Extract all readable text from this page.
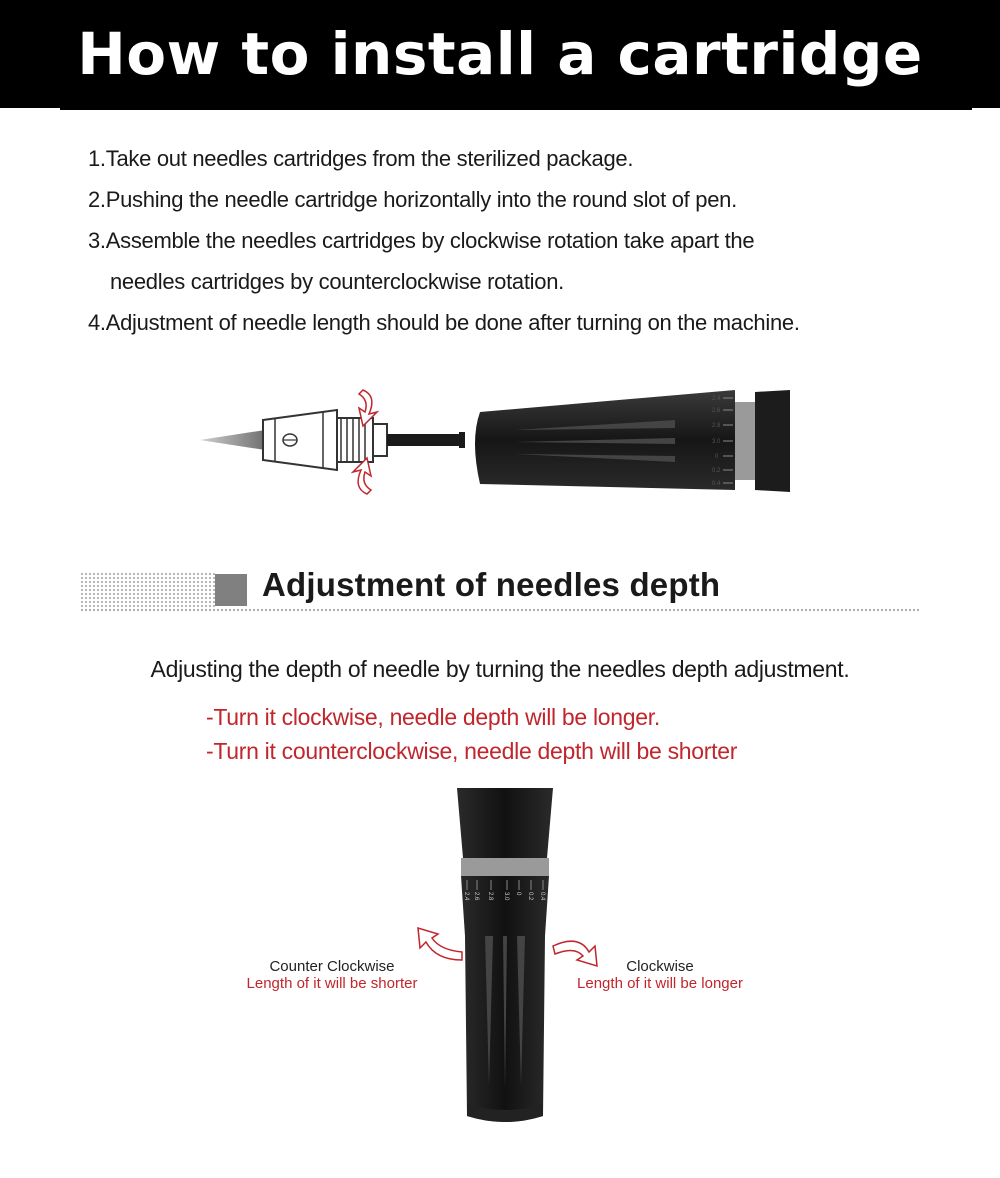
How to install a cartridge
1.Take out needles cartridges from the sterilized package.
2.Pushing the needle cartridge horizontally into the round slot of pen.
3.Assemble the needles cartridges by clockwise rotation take apart the
needles cartridges by counterclockwise rotation.
4.Adjustment of needle length should be done after turning on the machine.
2.4
2.6
2.8
3.0
0
0.2
0.4
Adjustment of needles depth
Adjusting the depth of needle by turning the needles depth adjustment.
-Turn it clockwise, needle depth will be longer.
-Turn it counterclockwise, needle depth will be shorter
2.4 2.6 2.8 3.0 0 0.2 0.4
Counter Clockwise
Length of it will be shorter
Clockwise
Length of it will be longer
